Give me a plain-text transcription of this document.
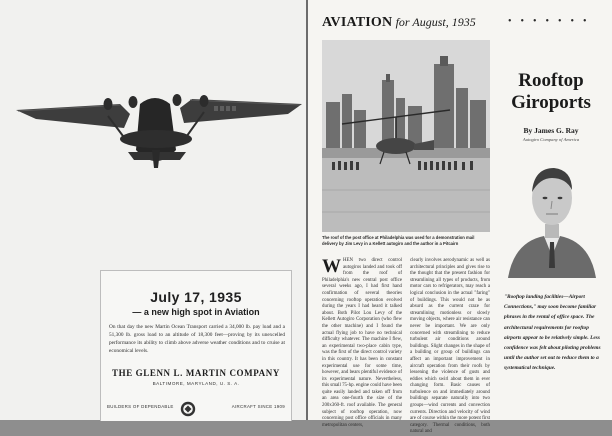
July 17, 1935
— a new high spot in Aviation
On that day the new Martin Ocean Transport carried a 34,000 lb. pay load and a 51,300 lb. gross load to an altitude of 18,300 feet—proving by its unexcelled performance its ability to climb above adverse weather conditions and to cruise at economical levels.
THE GLENN L. MARTIN COMPANY
BALTIMORE, MARYLAND, U. S. A.
BUILDERS OF DEPENDABLE	AIRCRAFT SINCE 1909
AVIATION for August, 1935	•••••••
The roof of the post office at Philadelphia was used for a demonstration mail delivery by Jim Levy in a Kellett autogiro and the author in a Pitcairn
Rooftop
Giroports
By James G. Ray
Autogiro Company of America
"Rooftop landing facilities—Airport Connections," may soon become familiar phrases in the rental of office space. The architectural requirements for rooftop airports appear to be relatively simple. Less confidence was felt about piloting problems until the author set out to reduce them to a systematical technique.
W HEN two direct control autogiros landed and took off from the roof of Philadelphia's new central post office several weeks ago, I had first hand confirmation of several theories concerning rooftop operation evolved during the years I had heard it talked about. Both Pilot Lou Levy of the Kellett Autogiro Corporation (who flew the other machine) and I found the actual flying job to have no technical difficulty whatever. The machine I flew, an experimental two-place cabin type, was the first of the direct control variety in this country. It has been in constant experimental use for some time, however, and bears plentiful evidence of its experimental nature. Nevertheless, this small 75-hp. engine could have been quite easily landed and taken off from an area one-fourth the size of the 200x360-ft. roof available. The general subject of rooftop operation, now concerning post office officials in many metropolitan centers,
clearly involves aerodynamic as well as architectural principles and gives rise to the thought that the present fashion for streamlining all types of products, from motor cars to refrigerators, may reach a logical conclusion in the actual "faring" of buildings. This would not be as absurd as the current craze for streamlining motionless or slowly moving objects, where air resistance can never be important. We are only concerned with streamlining to reduce turbulent air conditions around buildings. Slight changes in the shape of a building or group of buildings can affect an important improvement in aircraft operation from their roofs by lessening the violence of gusts and eddies which swirl about them in ever changing form. Basic causes of turbulence on and immediately around buildings separate naturally into two groups—wind currents and convection currents. Direction and velocity of wind are of course within the more potent first category. Thermal conditions, both natural and
